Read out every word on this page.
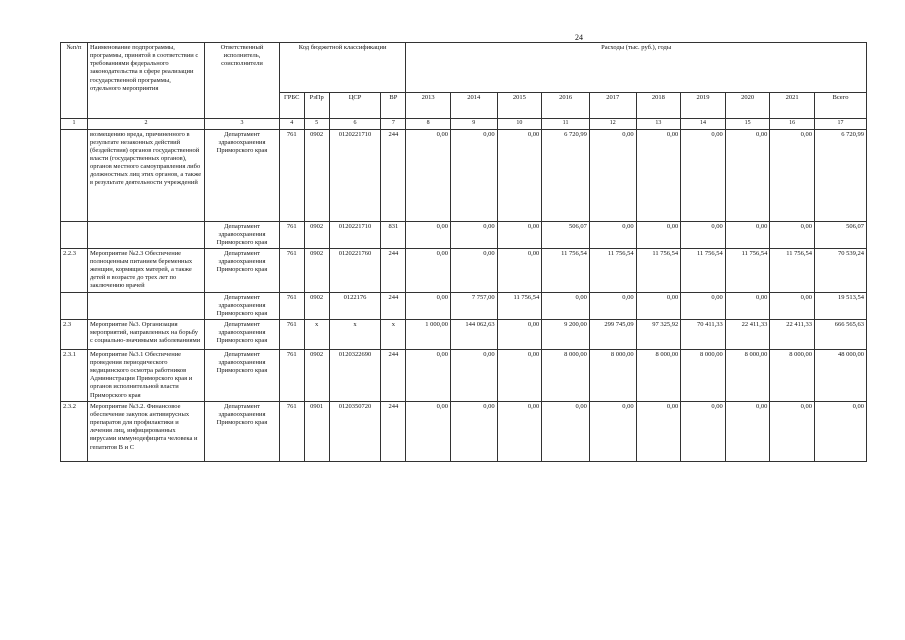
24
№п/п	Наименование подпрограммы, программы, принятой в соответствии с требованиями федерального законодательства в сфере реализации государственной программы, отдельного мероприятия	Ответственный исполнитель, соисполнители	Код бюджетной классификации				Расходы (тыс. руб.), годы									
			ГРБС	РзПр	ЦСР	ВР	2013	2014	2015	2016	2017	2018	2019	2020	2021	Всего
1	2	3	4	5	6	7	8	9	10	11	12	13	14	15	16	17
	возмещению вреда, причиненного в результате незаконных действий (бездействия) органов государственной власти (государственных органов), органов местного самоуправления либо должностных лиц этих органов, а также в результате деятельности учреждений	Департамент здравоохранения Приморского края	761	0902	0120221710	244	0,00	0,00	0,00	6 720,99	0,00	0,00	0,00	0,00	0,00	6 720,99
		Департамент здравоохранения Приморского края	761	0902	0120221710	831	0,00	0,00	0,00	506,07	0,00	0,00	0,00	0,00	0,00	506,07
2.2.3	Мероприятие №2.3 Обеспечение полноценным питанием беременных женщин, кормящих матерей, а также детей в возрасте до трех лет по заключению врачей	Департамент здравоохранения Приморского края	761	0902	0120221760	244	0,00	0,00	0,00	11 756,54	11 756,54	11 756,54	11 756,54	11 756,54	11 756,54	70 539,24
		Департамент здравоохранения Приморского края	761	0902	0122176	244	0,00	7 757,00	11 756,54	0,00	0,00	0,00	0,00	0,00	0,00	19 513,54
2.3	Мероприятие №3. Организация мероприятий, направленных на борьбу с социально-значимыми заболеваниями	Департамент здравоохранения Приморского края	761	x	x	x	1 000,00	144 062,63	0,00	9 200,00	299 745,09	97 325,92	70 411,33	22 411,33	22 411,33	666 565,63
2.3.1	Мероприятие №3.1 Обеспечение проведения периодического медицинского осмотра работников Администрации Приморского края и органов исполнительной власти Приморского края	Департамент здравоохранения Приморского края	761	0902	0120322690	244	0,00	0,00	0,00	8 000,00	8 000,00	8 000,00	8 000,00	8 000,00	8 000,00	48 000,00
2.3.2	Мероприятие №3.2. Финансовое обеспечение закупок антивирусных препаратов для профилактики и лечения лиц, инфицированных вирусами иммунодефицита человека и гепатитов В и С	Департамент здравоохранения Приморского края	761	0901	0120350720	244	0,00	0,00	0,00	0,00	0,00	0,00	0,00	0,00	0,00	0,00
